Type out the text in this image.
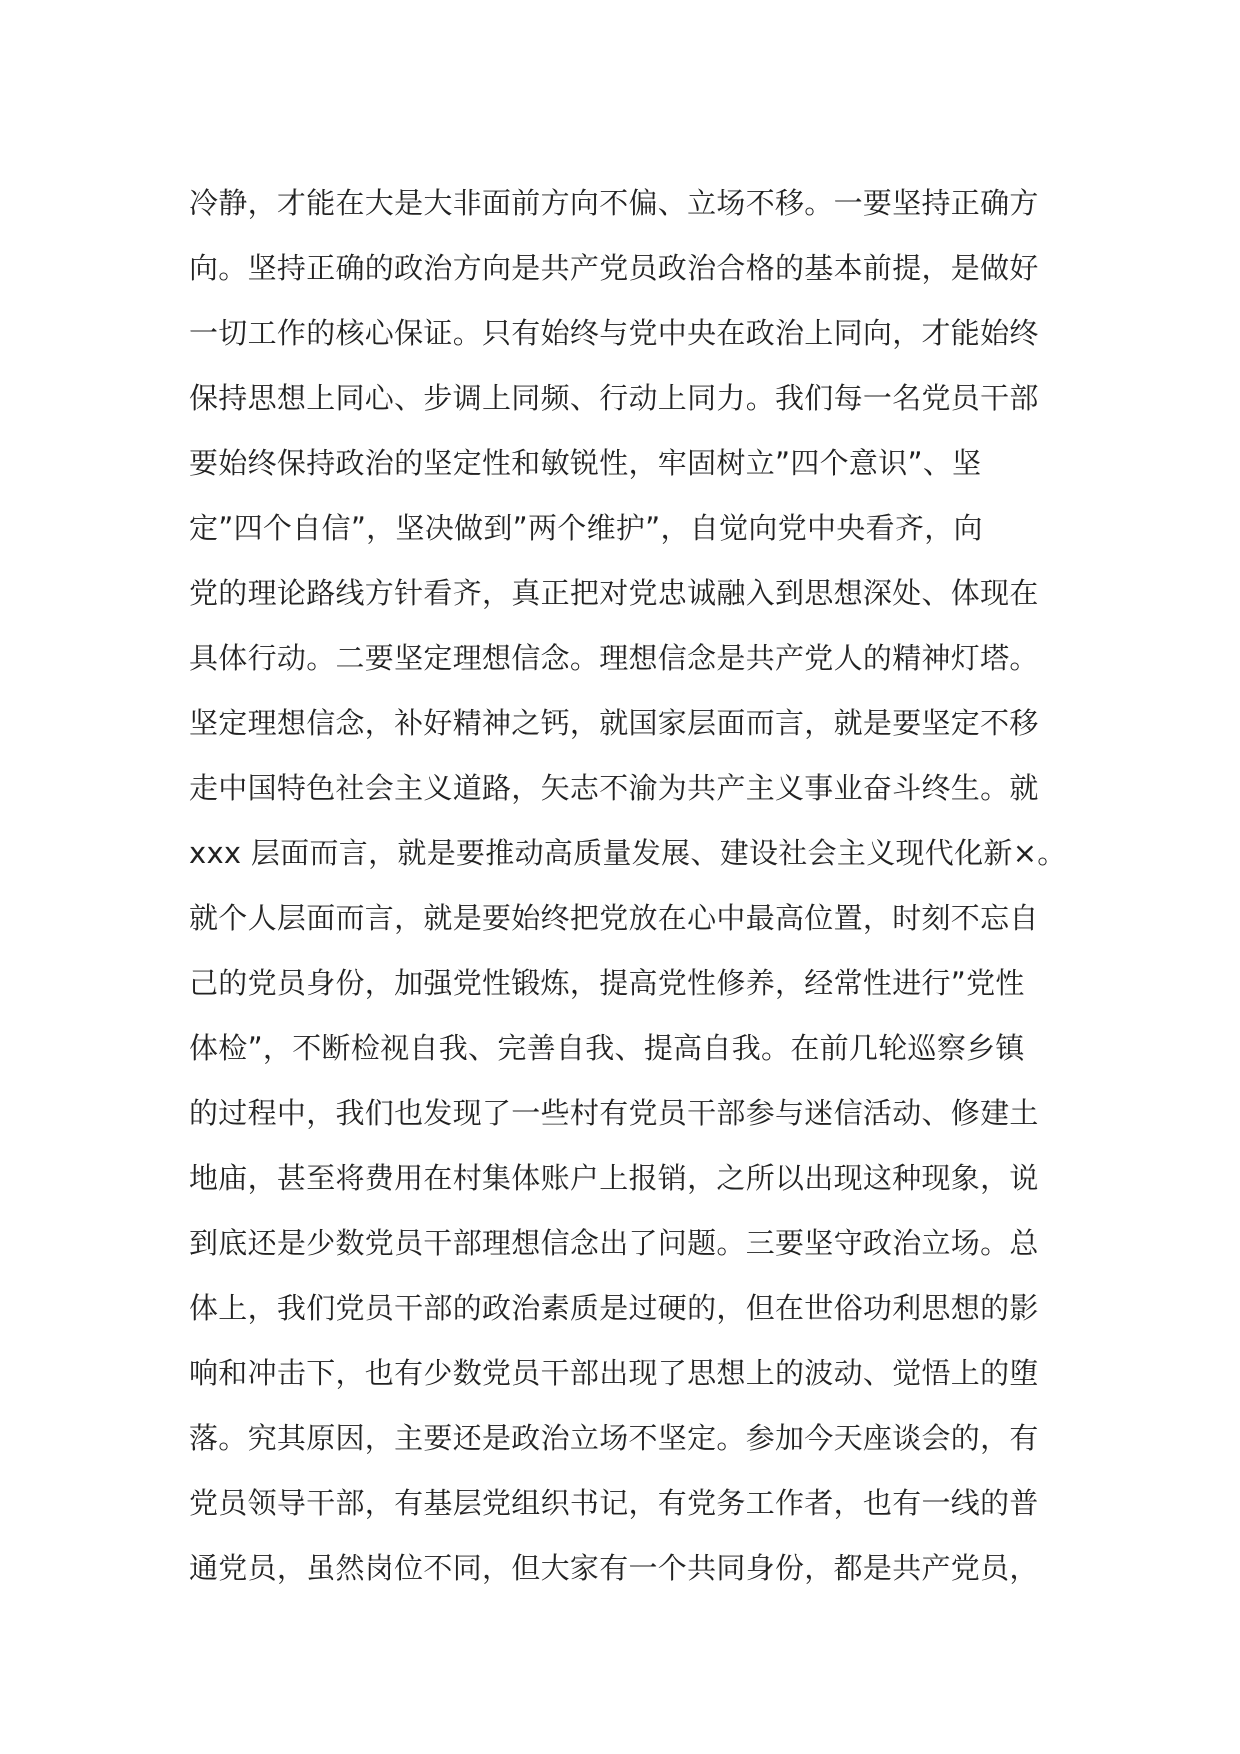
冷静，才能在大是大非面前方向不偏、立场不移。一要坚持正确方
向。坚持正确的政治方向是共产党员政治合格的基本前提，是做好
一切工作的核心保证。只有始终与党中央在政治上同向，才能始终
保持思想上同心、步调上同频、行动上同力。我们每一名党员干部
要始终保持政治的坚定性和敏锐性，牢固树立”四个意识”、坚
定”四个自信”，坚决做到”两个维护”，自觉向党中央看齐，向
党的理论路线方针看齐，真正把对党忠诚融入到思想深处、体现在
具体行动。二要坚定理想信念。理想信念是共产党人的精神灯塔。
坚定理想信念，补好精神之钙，就国家层面而言，就是要坚定不移
走中国特色社会主义道路，矢志不渝为共产主义事业奋斗终生。就
xxx 层面而言，就是要推动高质量发展、建设社会主义现代化新×。
就个人层面而言，就是要始终把党放在心中最高位置，时刻不忘自
己的党员身份，加强党性锻炼，提高党性修养，经常性进行”党性
体检”，不断检视自我、完善自我、提高自我。在前几轮巡察乡镇
的过程中，我们也发现了一些村有党员干部参与迷信活动、修建土
地庙，甚至将费用在村集体账户上报销，之所以出现这种现象，说
到底还是少数党员干部理想信念出了问题。三要坚守政治立场。总
体上，我们党员干部的政治素质是过硬的，但在世俗功利思想的影
响和冲击下，也有少数党员干部出现了思想上的波动、觉悟上的堕
落。究其原因，主要还是政治立场不坚定。参加今天座谈会的，有
党员领导干部，有基层党组织书记，有党务工作者，也有一线的普
通党员，虽然岗位不同，但大家有一个共同身份，都是共产党员，
